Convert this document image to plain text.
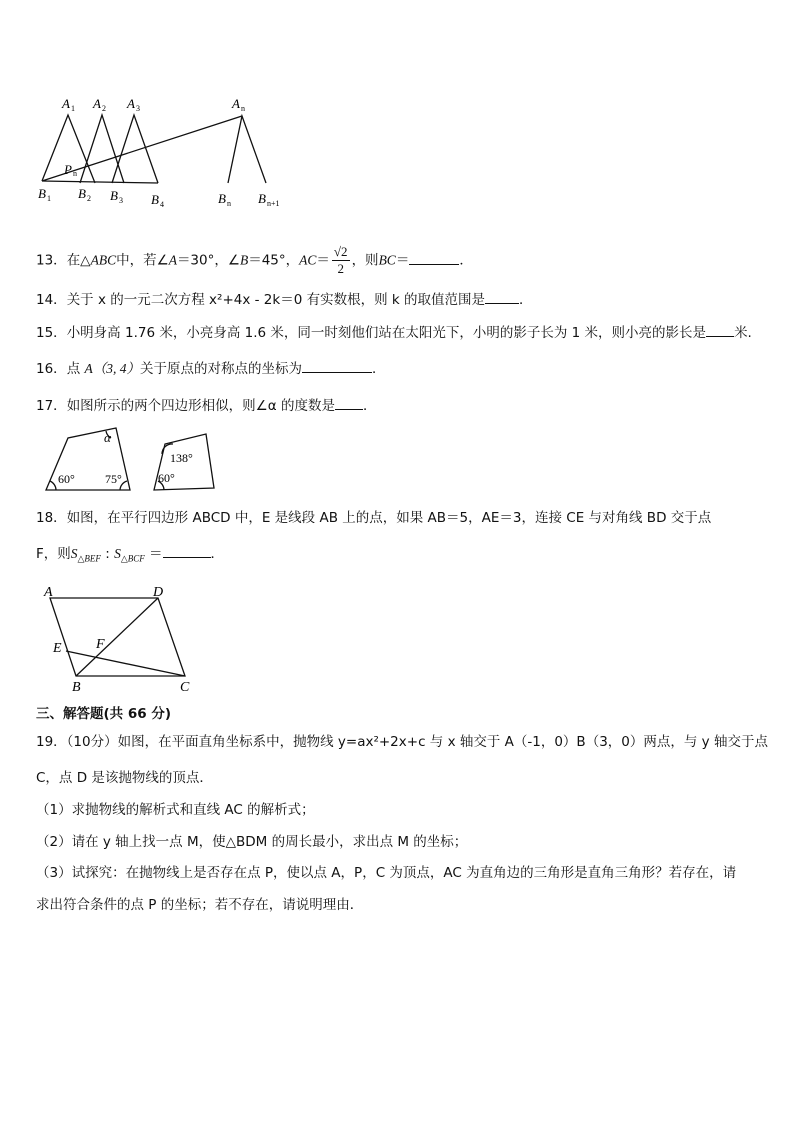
P n
A 1 A 2 A 3	A n
B 1 B 2 B 3 B 4	B n B n+1
13．在△ABC中，若∠A＝30°，∠B＝45°，$AC= \frac{√2}{2}$ ，则BC＝	．
14．关于 x 的一元二次方程 x²+4x - 2k＝0 有实数根，则 k 的取值范围是	．
15．小明身高 1.76 米，小亮身高 1.6 米，同一时刻他们站在太阳光下，小明的影子长为 1 米，则小亮的影长是 米.
16．点 A（3, 4）关于原点的对称点的坐标为	．
17．如图所示的两个四边形相似，则∠α 的度数是 ．
α
60°	75°
138°
60°
18．如图，在平行四边形 ABCD 中，E 是线段 AB 上的点，如果 AB＝5，AE＝3，连接 CE 与对角线 BD 交于点
F，则$S_{\triangle BEF}$ : $S_{\triangle BCF}$ ＝	．
A	D
E F
B	C
三、解答题(共 66 分)
19．（10分）如图，在平面直角坐标系中，抛物线 y=ax²+2x+c 与 x 轴交于 A（-1，0）B（3，0）两点，与 y 轴交于点
C，点 D 是该抛物线的顶点．
（1）求抛物线的解析式和直线 AC 的解析式；
（2）请在 y 轴上找一点 M，使△BDM 的周长最小，求出点 M 的坐标；
（3）试探究：在抛物线上是否存在点 P，使以点 A，P，C 为顶点，AC 为直角边的三角形是直角三角形？若存在，请
求出符合条件的点 P 的坐标；若不存在，请说明理由．
